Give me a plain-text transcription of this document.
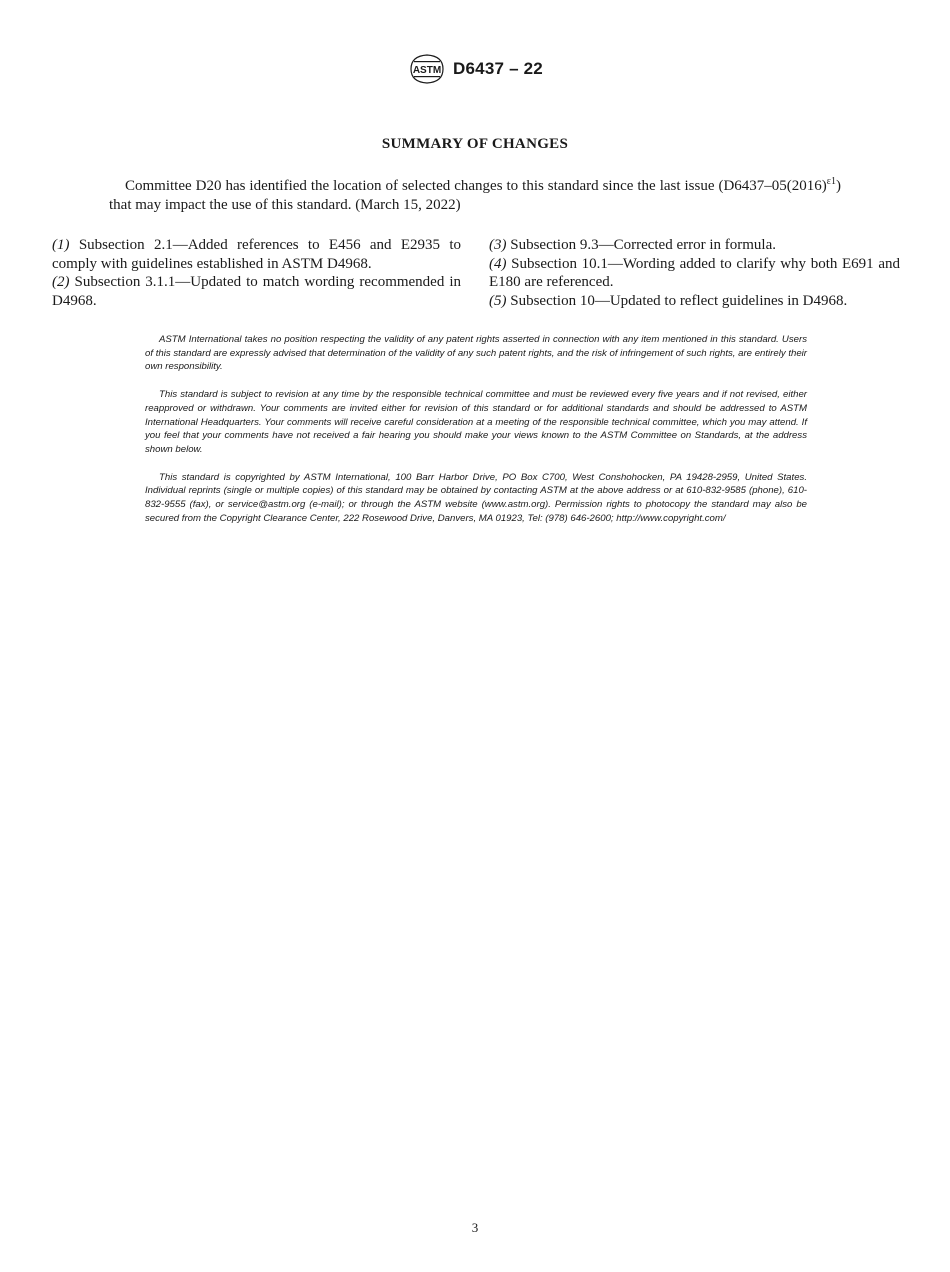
ASTM D6437 – 22
SUMMARY OF CHANGES

Committee D20 has identified the location of selected changes to this standard since the last issue $(D6437-05(2016)^{\varepsilon 1})$ that may impact the use of this standard. (March 15, 2022)

(1) Subsection 2.1—Added references to E456 and E2935 to comply with guidelines established in ASTM D4968.

(2) Subsection 3.1.1—Updated to match wording recommended in D4968.

(3) Subsection 9.3—Corrected error in formula.

(4) Subsection 10.1—Wording added to clarify why both E691 and E180 are referenced.

(5) Subsection 10—Updated to reflect guidelines in D4968.

ASTM International takes no position respecting the validity of any patent rights asserted in connection with any item mentioned in this standard. Users of this standard are expressly advised that determination of the validity of any such patent rights, and the risk of infringement of such rights, are entirely their own responsibility.

This standard is subject to revision at any time by the responsible technical committee and must be reviewed every five years and if not revised, either reapproved or withdrawn. Your comments are invited either for revision of this standard or for additional standards and should be addressed to ASTM International Headquarters. Your comments will receive careful consideration at a meeting of the responsible technical committee, which you may attend. If you feel that your comments have not received a fair hearing you should make your views known to the ASTM Committee on Standards, at the address shown below.

This standard is copyrighted by ASTM International, 100 Barr Harbor Drive, PO Box C700, West Conshohocken, PA 19428-2959, United States. Individual reprints (single or multiple copies) of this standard may be obtained by contacting ASTM at the above address or at 610-832-9585 (phone), 610-832-9555 (fax), or service@astm.org (e-mail); or through the ASTM website (www.astm.org). Permission rights to photocopy the standard may also be secured from the Copyright Clearance Center, 222 Rosewood Drive, Danvers, MA 01923, Tel: (978) 646-2600; http://www.copyright.com/

3
